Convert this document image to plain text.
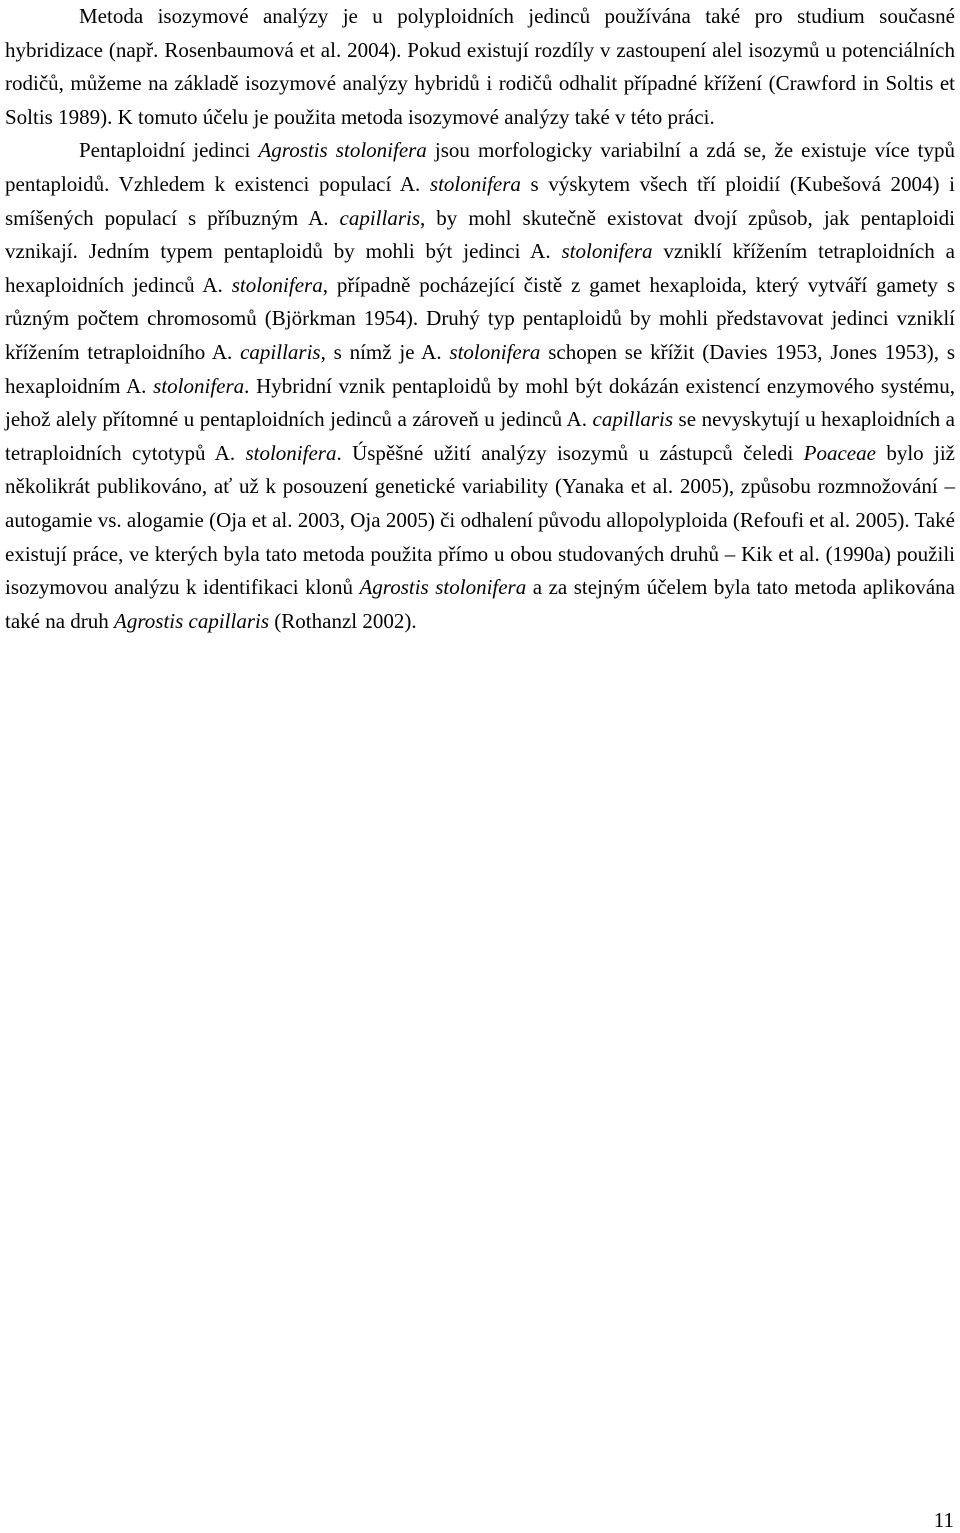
Metoda isozymové analýzy je u polyploidních jedinců používána také pro studium současné hybridizace (např. Rosenbaumová et al. 2004). Pokud existují rozdíly v zastoupení alel isozymů u potenciálních rodičů, můžeme na základě isozymové analýzy hybridů i rodičů odhalit případné křížení (Crawford in Soltis et Soltis 1989). K tomuto účelu je použita metoda isozymové analýzy také v této práci.

Pentaploidní jedinci Agrostis stolonifera jsou morfologicky variabilní a zdá se, že existuje více typů pentaploidů. Vzhledem k existenci populací A. stolonifera s výskytem všech tří ploidií (Kubešová 2004) i smíšených populací s příbuzným A. capillaris, by mohl skutečně existovat dvojí způsob, jak pentaploidi vznikají. Jedním typem pentaploidů by mohli být jedinci A. stolonifera vzniklí křížením tetraploidních a hexaploidních jedinců A. stolonifera, případně pocházející čistě z gamet hexaploida, který vytváří gamety s různým počtem chromosomů (Björkman 1954). Druhý typ pentaploidů by mohli představovat jedinci vzniklí křížením tetraploidního A. capillaris, s nímž je A. stolonifera schopen se křížit (Davies 1953, Jones 1953), s hexaploidním A. stolonifera. Hybridní vznik pentaploidů by mohl být dokázán existencí enzymového systému, jehož alely přítomné u pentaploidních jedinců a zároveň u jedinců A. capillaris se nevyskytují u hexaploidních a tetraploidních cytotypů A. stolonifera. Úspěšné užití analýzy isozymů u zástupců čeledi Poaceae bylo již několikrát publikováno, ať už k posouzení genetické variability (Yanaka et al. 2005), způsobu rozmnožování – autogamie vs. alogamie (Oja et al. 2003, Oja 2005) či odhalení původu allopolyploida (Refoufi et al. 2005). Také existují práce, ve kterých byla tato metoda použita přímo u obou studovaných druhů – Kik et al. (1990a) použili isozymovou analýzu k identifikaci klonů Agrostis stolonifera a za stejným účelem byla tato metoda aplikována také na druh Agrostis capillaris (Rothanzl 2002).

11
